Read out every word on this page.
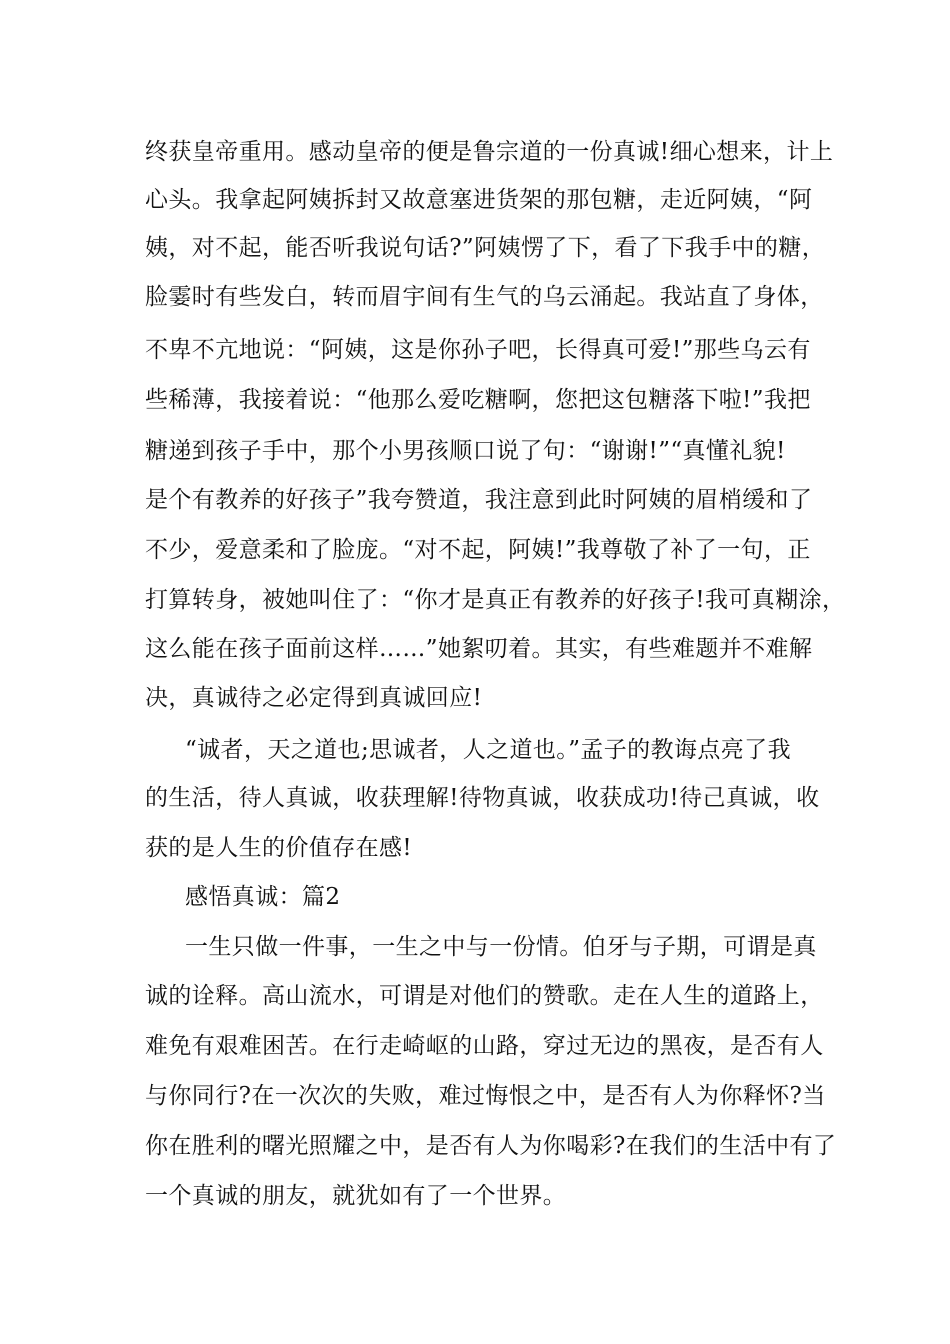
终获皇帝重用。感动皇帝的便是鲁宗道的一份真诚!细心想来，计上
心头。我拿起阿姨拆封又故意塞进货架的那包糖，走近阿姨，“阿
姨，对不起，能否听我说句话?”阿姨愣了下，看了下我手中的糖，
脸霎时有些发白，转而眉宇间有生气的乌云涌起。我站直了身体，
不卑不亢地说：“阿姨，这是你孙子吧，长得真可爱!”那些乌云有
些稀薄，我接着说：“他那么爱吃糖啊，您把这包糖落下啦!”我把
糖递到孩子手中，那个小男孩顺口说了句：“谢谢!”“真懂礼貌!
是个有教养的好孩子”我夸赞道，我注意到此时阿姨的眉梢缓和了
不少，爱意柔和了脸庞。“对不起，阿姨!”我尊敬了补了一句，正
打算转身，被她叫住了：“你才是真正有教养的好孩子!我可真糊涂，
这么能在孩子面前这样……”她絮叨着。其实，有些难题并不难解
决，真诚待之必定得到真诚回应!
“诚者，天之道也;思诚者，人之道也。”孟子的教诲点亮了我
的生活，待人真诚，收获理解!待物真诚，收获成功!待己真诚，收
获的是人生的价值存在感!
感悟真诚：篇2
一生只做一件事，一生之中与一份情。伯牙与子期，可谓是真
诚的诠释。高山流水，可谓是对他们的赞歌。走在人生的道路上，
难免有艰难困苦。在行走崎岖的山路，穿过无边的黑夜，是否有人
与你同行?在一次次的失败，难过悔恨之中，是否有人为你释怀?当
你在胜利的曙光照耀之中，是否有人为你喝彩?在我们的生活中有了
一个真诚的朋友，就犹如有了一个世界。
